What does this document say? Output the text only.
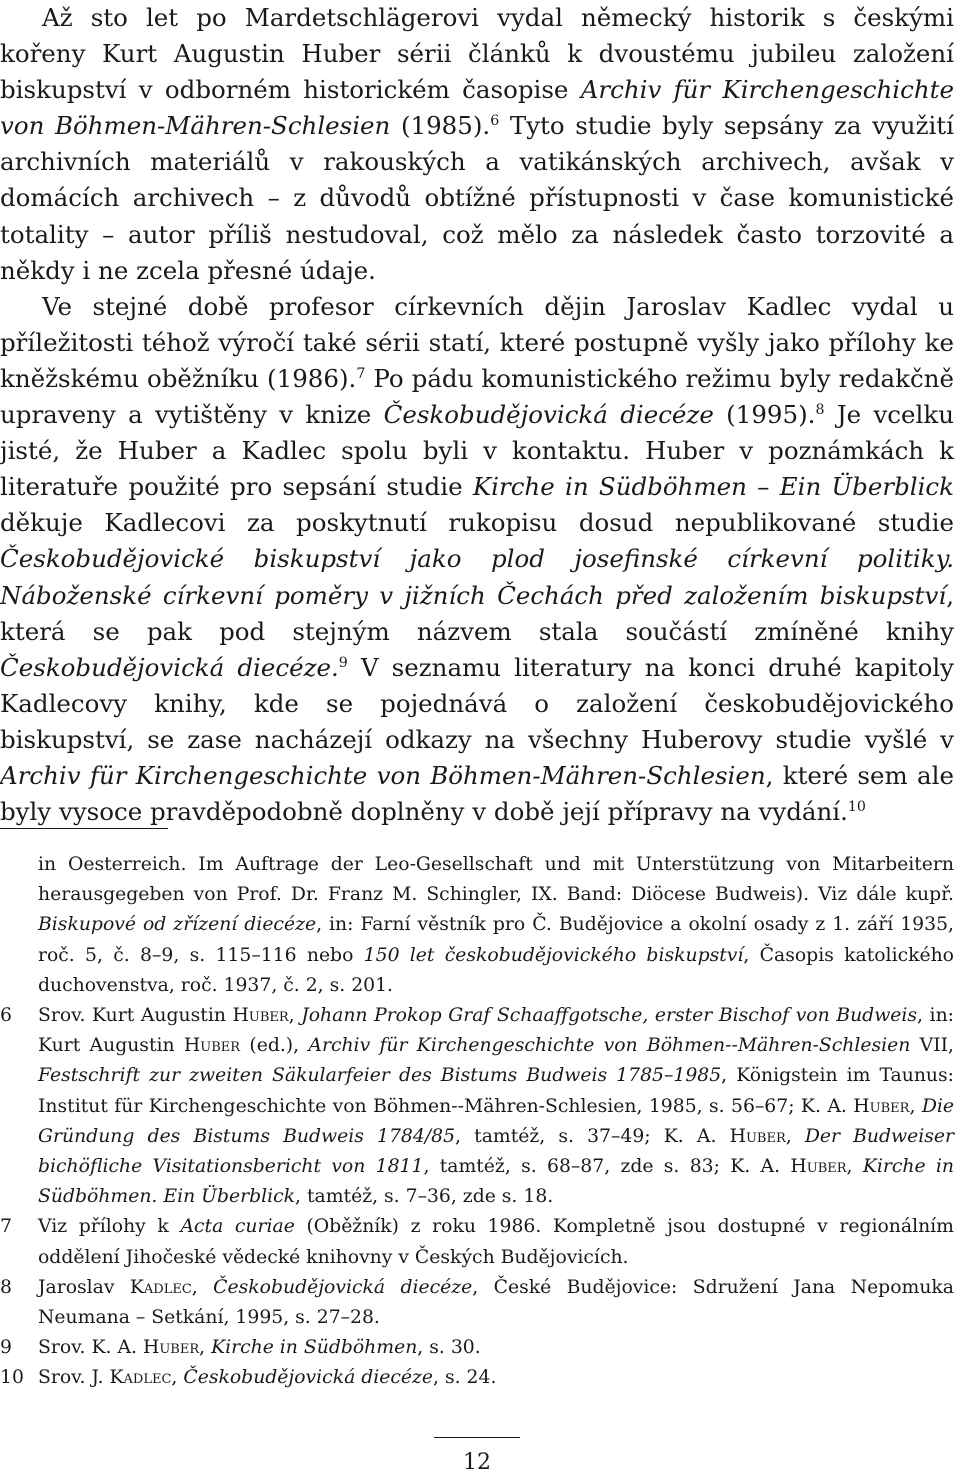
Až sto let po Mardetschlägerovi vydal německý historik s českými kořeny Kurt Augustin Huber sérii článků k dvoustému jubileu založení biskupství v odborném historickém časopise Archiv für Kirchengeschichte von Böhmen-Mähren-Schlesien (1985).$^6$ Tyto studie byly sepsány za využití archivních materiálů v rakouských a vatikánských archivech, avšak v domácích archivech – z důvodů obtížné přístupnosti v čase komunistické totality – autor příliš nestudoval, což mělo za následek často torzovité a někdy i ne zcela přesné údaje.

Ve stejné době profesor církevních dějin Jaroslav Kadlec vydal u příležitosti téhož výročí také sérii statí, které postupně vyšly jako přílohy ke kněžskému oběžníku (1986).$^7$ Po pádu komunistického režimu byly redakčně upraveny a vytištěny v knize Českobudějovická diecéze (1995).$^8$ Je vcelku jisté, že Huber a Kadlec spolu byli v kontaktu. Huber v poznámkách k literatuře použité pro sepsání studie Kirche in Südböhmen – Ein Überblick děkuje Kadlecovi za poskytnutí rukopisu dosud nepublikované studie Českobudějovické biskupství jako plod josefinské církevní politiky. Náboženské církevní poměry v jižních Čechách před založením biskupství, která se pak pod stejným názvem stala součástí zmíněné knihy Českobudějovická diecéze.$^9$ V seznamu literatury na konci druhé kapitoly Kadlecovy knihy, kde se pojednává o založení českobudějovického biskupství, se zase nacházejí odkazy na všechny Huberovy studie vyšlé v Archiv für Kirchengeschichte von Böhmen-Mähren-Schlesien, které sem ale byly vysoce pravděpodobně doplněny v době její přípravy na vydání.$^{10}$

in Oesterreich. Im Auftrage der Leo-Gesellschaft und mit Unterstützung von Mitarbeitern herausgegeben von Prof. Dr. Franz M. Schingler, IX. Band: Diöcese Budweis). Viz dále kupř. Biskupové od zřízení diecéze, in: Farní věstník pro Č. Budějovice a okolní osady z 1. září 1935, roč. 5, č. 8–9, s. 115–116 nebo 150 let českobudějovického biskupství, Časopis katolického duchovenstva, roč. 1937, č. 2, s. 201.
6 Srov. Kurt Augustin Huber, Johann Prokop Graf Schaaffgotsche, erster Bischof von Budweis, in: Kurt Augustin Huber (ed.), Archiv für Kirchengeschichte von Böhmen--Mähren-Schlesien VII, Festschrift zur zweiten Säkularfeier des Bistums Budweis 1785–1985, Königstein im Taunus: Institut für Kirchengeschichte von Böhmen--Mähren-Schlesien, 1985, s. 56–67; K. A. Huber, Die Gründung des Bistums Budweis 1784/85, tamtéž, s. 37–49; K. A. Huber, Der Budweiser bichöfliche Visitationsbericht von 1811, tamtéž, s. 68–87, zde s. 83; K. A. Huber, Kirche in Südböhmen. Ein Überblick, tamtéž, s. 7–36, zde s. 18.
7 Viz přílohy k Acta curiae (Oběžník) z roku 1986. Kompletně jsou dostupné v regionálním oddělení Jihočeské vědecké knihovny v Českých Budějovicích.
8 Jaroslav Kadlec, Českobudějovická diecéze, České Budějovice: Sdružení Jana Nepomuka Neumana – Setkání, 1995, s. 27–28.
9 Srov. K. A. Huber, Kirche in Südböhmen, s. 30.
10 Srov. J. Kadlec, Českobudějovická diecéze, s. 24.
12
